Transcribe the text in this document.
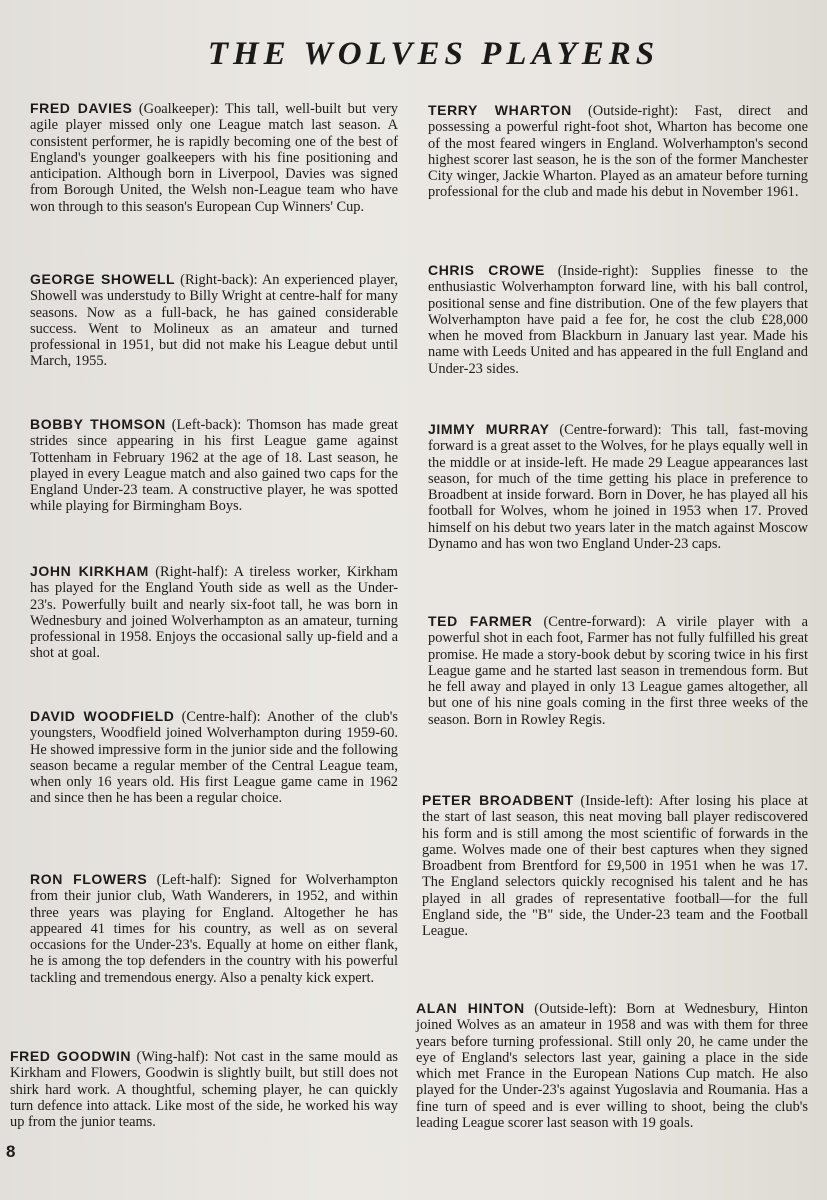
THE WOLVES PLAYERS
FRED DAVIES (Goalkeeper): This tall, well-built but very agile player missed only one League match last season. A consistent performer, he is rapidly becoming one of the best of England's younger goalkeepers with his fine positioning and anticipation. Although born in Liverpool, Davies was signed from Borough United, the Welsh non-League team who have won through to this season's European Cup Winners' Cup.
GEORGE SHOWELL (Right-back): An experienced player, Showell was understudy to Billy Wright at centre-half for many seasons. Now as a full-back, he has gained considerable success. Went to Molineux as an amateur and turned professional in 1951, but did not make his League debut until March, 1955.
BOBBY THOMSON (Left-back): Thomson has made great strides since appearing in his first League game against Tottenham in February 1962 at the age of 18. Last season, he played in every League match and also gained two caps for the England Under-23 team. A constructive player, he was spotted while playing for Birmingham Boys.
JOHN KIRKHAM (Right-half): A tireless worker, Kirkham has played for the England Youth side as well as the Under-23's. Powerfully built and nearly six-foot tall, he was born in Wednesbury and joined Wolverhampton as an amateur, turning professional in 1958. Enjoys the occasional sally up-field and a shot at goal.
DAVID WOODFIELD (Centre-half): Another of the club's youngsters, Woodfield joined Wolverhampton during 1959-60. He showed impressive form in the junior side and the following season became a regular member of the Central League team, when only 16 years old. His first League game came in 1962 and since then he has been a regular choice.
RON FLOWERS (Left-half): Signed for Wolverhampton from their junior club, Wath Wanderers, in 1952, and within three years was playing for England. Altogether he has appeared 41 times for his country, as well as on several occasions for the Under-23's. Equally at home on either flank, he is among the top defenders in the country with his powerful tackling and tremendous energy. Also a penalty kick expert.
FRED GOODWIN (Wing-half): Not cast in the same mould as Kirkham and Flowers, Goodwin is slightly built, but still does not shirk hard work. A thoughtful, scheming player, he can quickly turn defence into attack. Like most of the side, he worked his way up from the junior teams.
TERRY WHARTON (Outside-right): Fast, direct and possessing a powerful right-foot shot, Wharton has become one of the most feared wingers in England. Wolverhampton's second highest scorer last season, he is the son of the former Manchester City winger, Jackie Wharton. Played as an amateur before turning professional for the club and made his debut in November 1961.
CHRIS CROWE (Inside-right): Supplies finesse to the enthusiastic Wolverhampton forward line, with his ball control, positional sense and fine distribution. One of the few players that Wolverhampton have paid a fee for, he cost the club £28,000 when he moved from Blackburn in January last year. Made his name with Leeds United and has appeared in the full England and Under-23 sides.
JIMMY MURRAY (Centre-forward): This tall, fast-moving forward is a great asset to the Wolves, for he plays equally well in the middle or at inside-left. He made 29 League appearances last season, for much of the time getting his place in preference to Broadbent at inside forward. Born in Dover, he has played all his football for Wolves, whom he joined in 1953 when 17. Proved himself on his debut two years later in the match against Moscow Dynamo and has won two England Under-23 caps.
TED FARMER (Centre-forward): A virile player with a powerful shot in each foot, Farmer has not fully fulfilled his great promise. He made a story-book debut by scoring twice in his first League game and he started last season in tremendous form. But he fell away and played in only 13 League games altogether, all but one of his nine goals coming in the first three weeks of the season. Born in Rowley Regis.
PETER BROADBENT (Inside-left): After losing his place at the start of last season, this neat moving ball player rediscovered his form and is still among the most scientific of forwards in the game. Wolves made one of their best captures when they signed Broadbent from Brentford for £9,500 in 1951 when he was 17. The England selectors quickly recognised his talent and he has played in all grades of representative football—for the full England side, the "B" side, the Under-23 team and the Football League.
ALAN HINTON (Outside-left): Born at Wednesbury, Hinton joined Wolves as an amateur in 1958 and was with them for three years before turning professional. Still only 20, he came under the eye of England's selectors last year, gaining a place in the side which met France in the European Nations Cup match. He also played for the Under-23's against Yugoslavia and Roumania. Has a fine turn of speed and is ever willing to shoot, being the club's leading League scorer last season with 19 goals.
8
